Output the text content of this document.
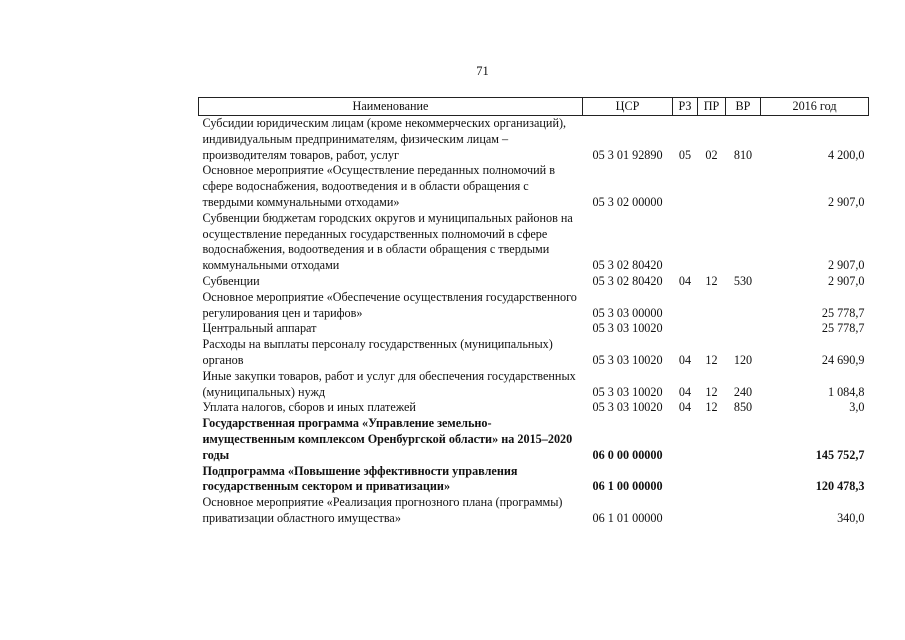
71
Наименование	ЦСР	РЗ	ПР	ВР	2016 год
Субсидии юридическим лицам (кроме некоммерческих организаций), индивидуальным предпринимателям, физическим лицам – производителям товаров, работ, услуг	05 3 01 92890	05	02	810	4 200,0
Основное мероприятие «Осуществление переданных полномочий в сфере водоснабжения, водоотведения и в области обращения с твердыми коммунальными отходами»	05 3 02 00000				2 907,0
Субвенции бюджетам городских округов и муниципальных районов на осуществление переданных государственных полномочий в сфере водоснабжения, водоотведения и в области обращения с твердыми коммунальными отходами	05 3 02 80420				2 907,0
Субвенции	05 3 02 80420	04	12	530	2 907,0
Основное мероприятие «Обеспечение осуществления государственного регулирования цен и тарифов»	05 3 03 00000				25 778,7
Центральный аппарат	05 3 03 10020				25 778,7
Расходы на выплаты персоналу государственных (муниципальных) органов	05 3 03 10020	04	12	120	24 690,9
Иные закупки товаров, работ и услуг для обеспечения государственных (муниципальных) нужд	05 3 03 10020	04	12	240	1 084,8
Уплата налогов, сборов и иных платежей	05 3 03 10020	04	12	850	3,0
Государственная программа «Управление земельно-имущественным комплексом Оренбургской области» на 2015–2020 годы	06 0 00 00000				145 752,7
Подпрограмма «Повышение эффективности управления государственным сектором и приватизации»	06 1 00 00000				120 478,3
Основное мероприятие «Реализация прогнозного плана (программы) приватизации областного имущества»	06 1 01 00000				340,0
